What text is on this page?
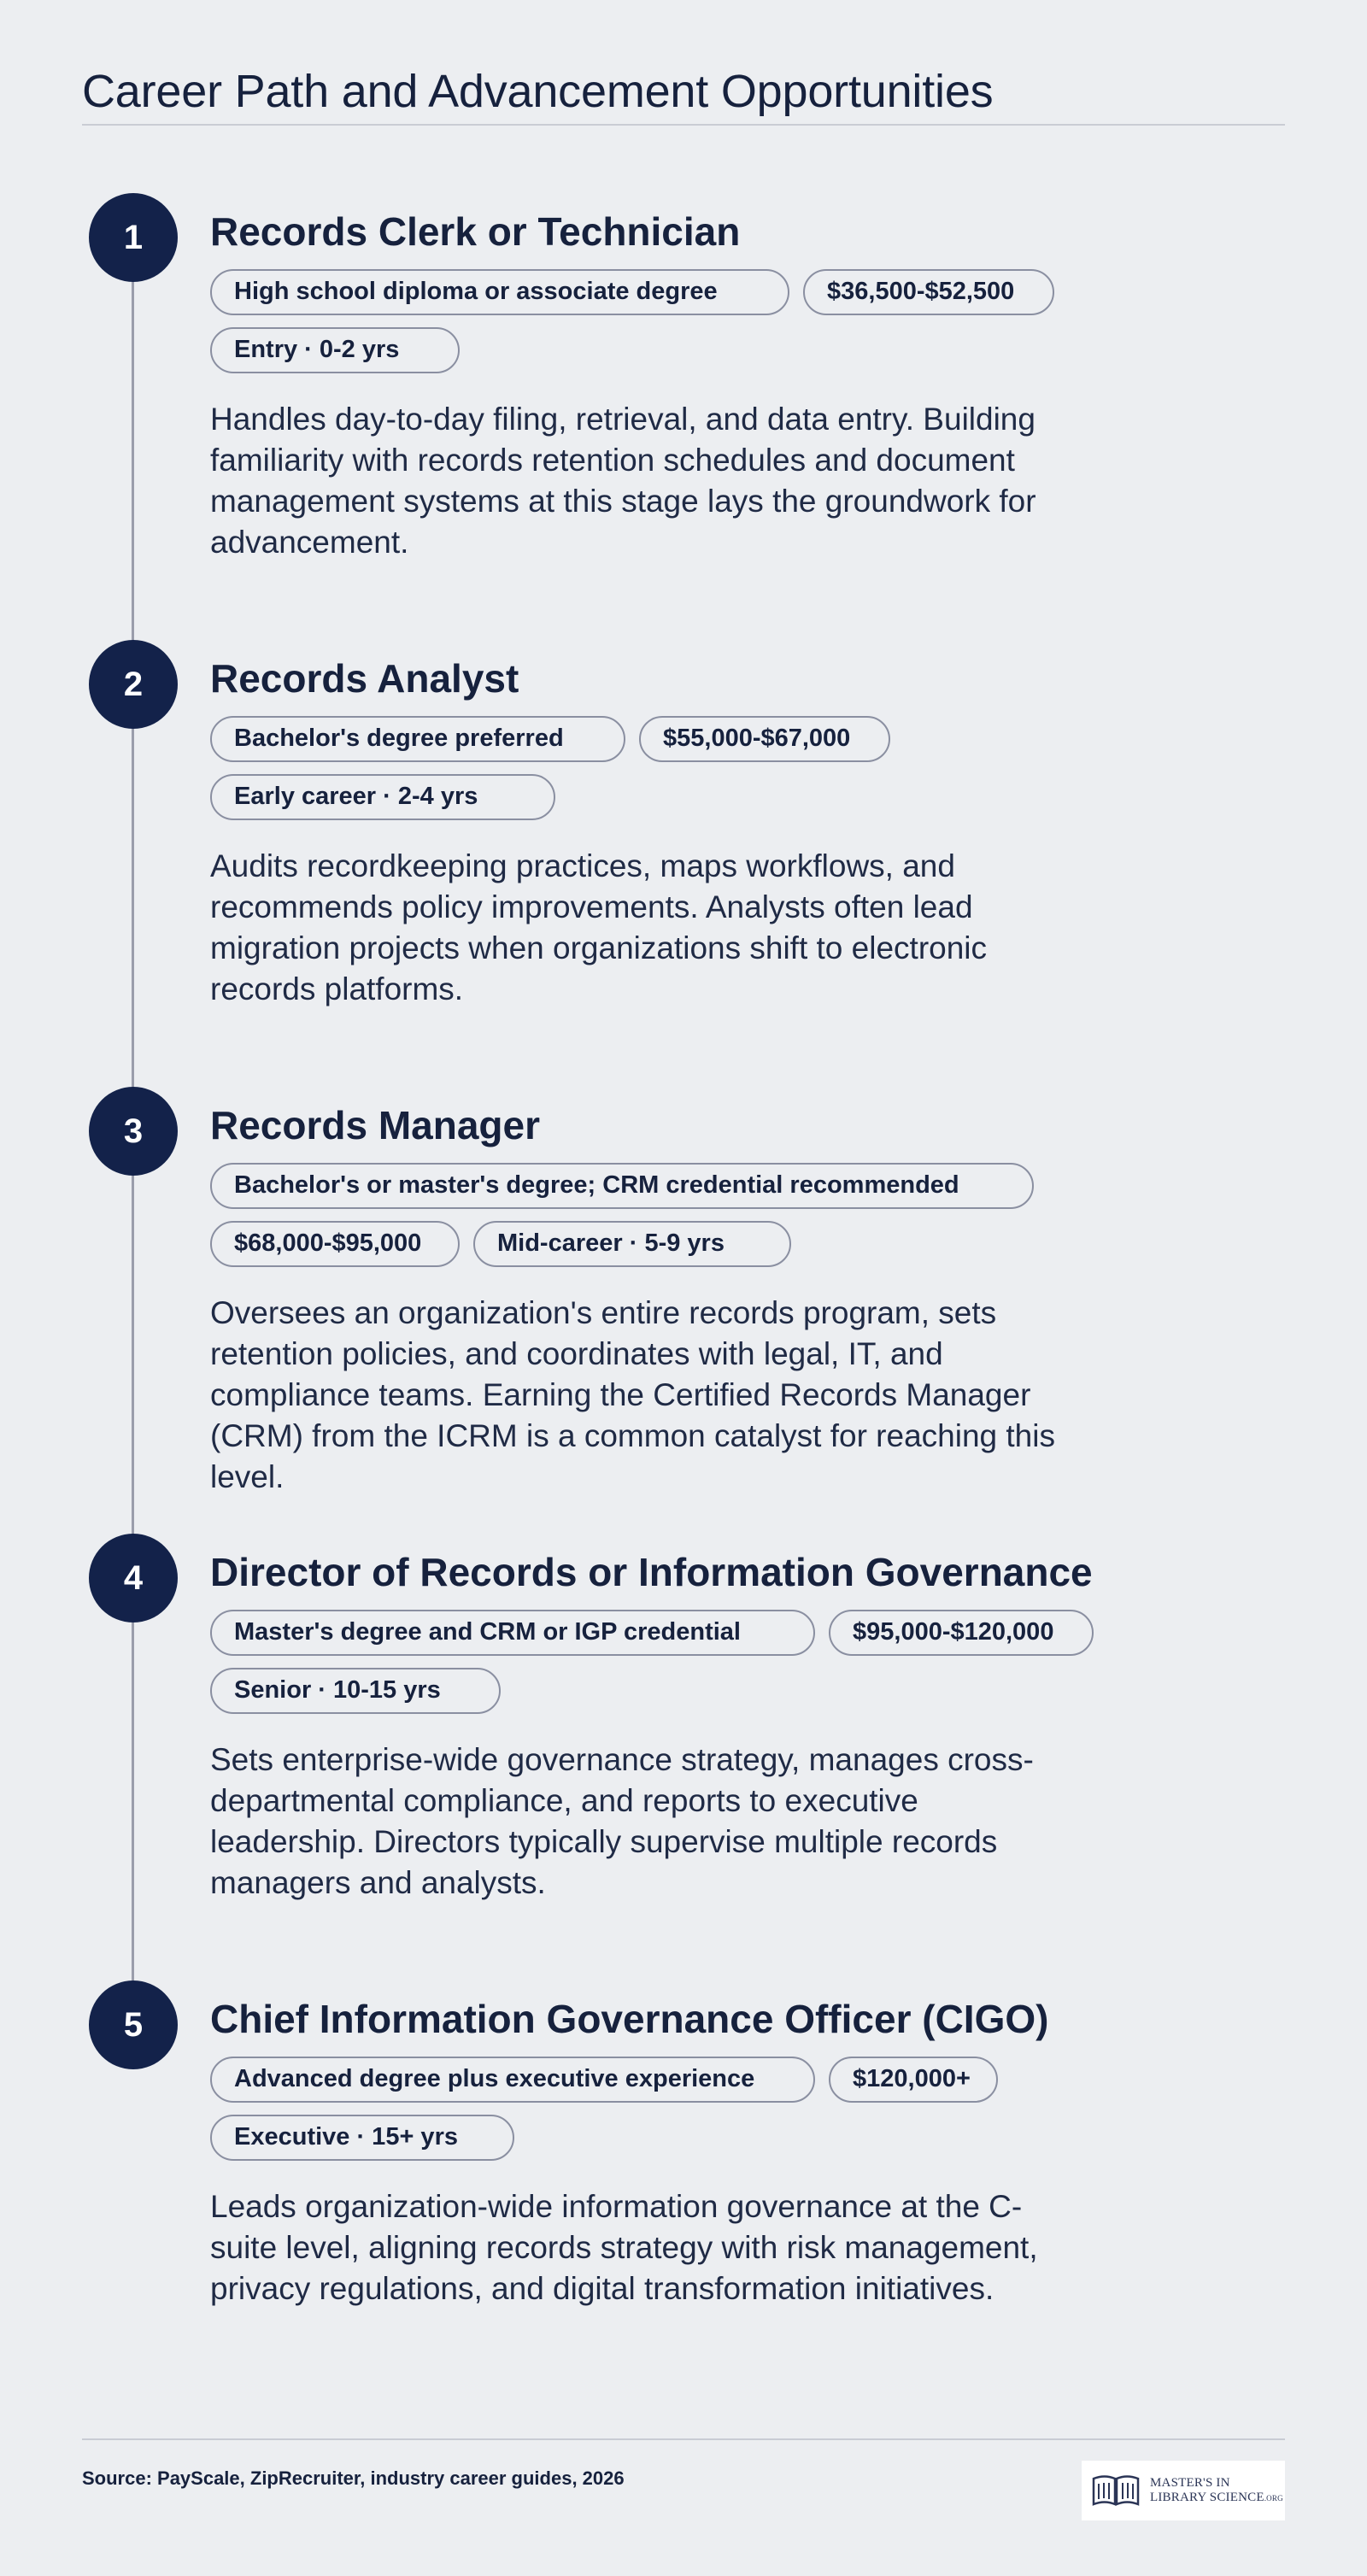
Career Path and Advancement Opportunities
1	Records Clerk or Technician
High school diploma or associate degree	$36,500-$52,500
Entry · 0-2 yrs

Handles day-to-day filing, retrieval, and data entry. Building familiarity with records retention schedules and document management systems at this stage lays the groundwork for advancement.

2	Records Analyst
Bachelor's degree preferred	$55,000-$67,000
Early career · 2-4 yrs

Audits recordkeeping practices, maps workflows, and recommends policy improvements. Analysts often lead migration projects when organizations shift to electronic records platforms.

3	Records Manager
Bachelor's or master's degree; CRM credential recommended
$68,000-$95,000	Mid-career · 5-9 yrs

Oversees an organization's entire records program, sets retention policies, and coordinates with legal, IT, and compliance teams. Earning the Certified Records Manager (CRM) from the ICRM is a common catalyst for reaching this level.

4	Director of Records or Information Governance
Master's degree and CRM or IGP credential	$95,000-$120,000
Senior · 10-15 yrs

Sets enterprise-wide governance strategy, manages cross-departmental compliance, and reports to executive leadership. Directors typically supervise multiple records managers and analysts.

5	Chief Information Governance Officer (CIGO)
Advanced degree plus executive experience	$120,000+
Executive · 15+ yrs

Leads organization-wide information governance at the C-suite level, aligning records strategy with risk management, privacy regulations, and digital transformation initiatives.

Source: PayScale, ZipRecruiter, industry career guides, 2026	MASTER'S IN
LIBRARY SCIENCE.ORG
